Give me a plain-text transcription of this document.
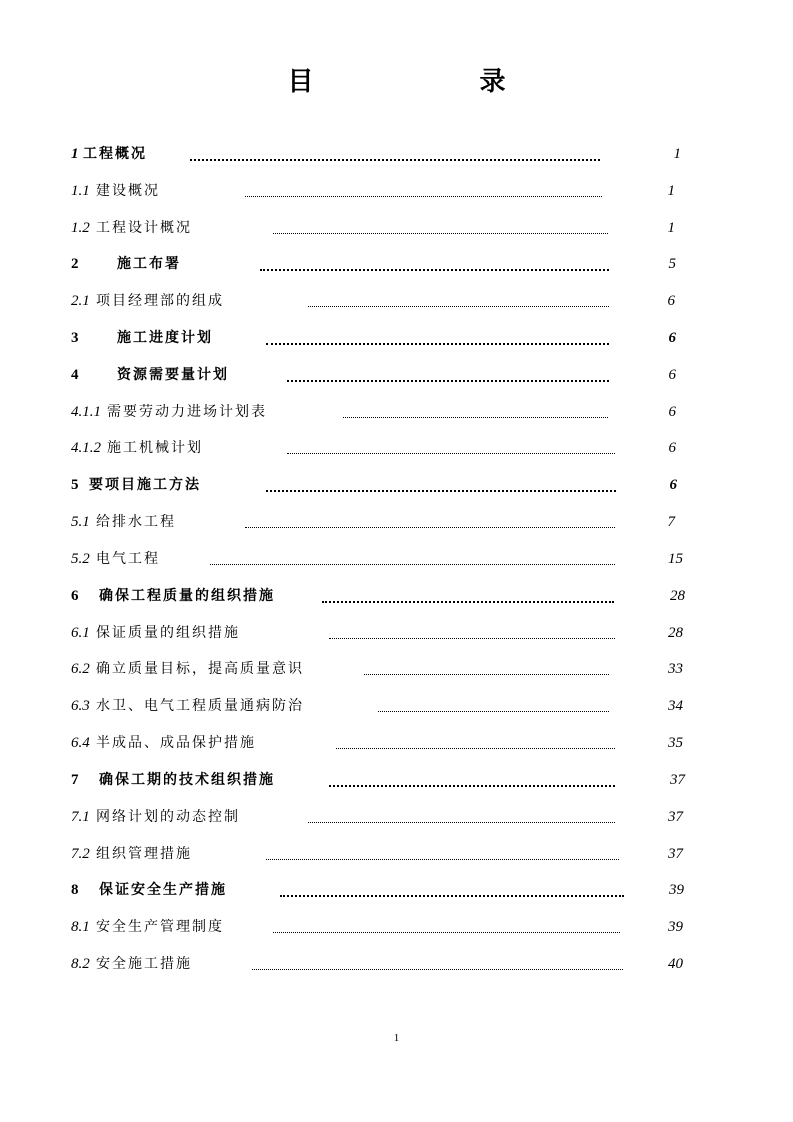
目　录
1 工程概况	1
1.1 建设概况	1
1.2 工程设计概况	1
2	施工布署	5
2.1 项目经理部的组成	6
3	施工进度计划	6
4	资源需要量计划	6
4.1.1 需要劳动力进场计划表	6
4.1.2 施工机械计划	6
5 要项目施工方法	6
5.1 给排水工程	7
5.2 电气工程	15
6 确保工程质量的组织措施	28
6.1 保证质量的组织措施	28
6.2 确立质量目标，提高质量意识	33
6.3 水卫、电气工程质量通病防治	34
6.4 半成品、成品保护措施	35
7 确保工期的技术组织措施	37
7.1 网络计划的动态控制	37
7.2 组织管理措施	37
8 保证安全生产措施	39
8.1 安全生产管理制度	39
8.2 安全施工措施	40
1
